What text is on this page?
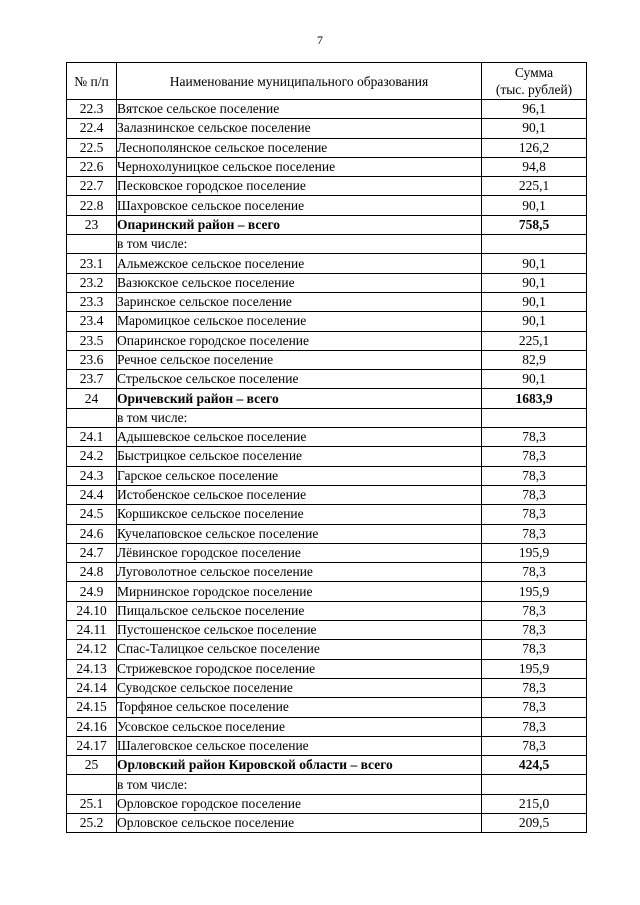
7
№ п/п	Наименование муниципального образования	Сумма
(тыс. рублей)

22.3	Вятское сельское поселение	96,1
22.4	Залазнинское сельское поселение	90,1
22.5	Леснополянское сельское поселение	126,2
22.6	Чернохолуницкое сельское поселение	94,8
22.7	Песковское городское поселение	225,1
22.8	Шахровское сельское поселение	90,1
23	Опаринский район – всего	758,5
	в том числе:	
23.1	Альмежское сельское поселение	90,1
23.2	Вазюкское сельское поселение	90,1
23.3	Заринское сельское поселение	90,1
23.4	Маромицкое сельское поселение	90,1
23.5	Опаринское городское поселение	225,1
23.6	Речное сельское поселение	82,9
23.7	Стрельское сельское поселение	90,1
24	Оричевский район – всего	1683,9
	в том числе:	
24.1	Адышевское сельское поселение	78,3
24.2	Быстрицкое сельское поселение	78,3
24.3	Гарское сельское поселение	78,3
24.4	Истобенское сельское поселение	78,3
24.5	Коршикское сельское поселение	78,3
24.6	Кучелаповское сельское поселение	78,3
24.7	Лёвинское городское поселение	195,9
24.8	Луговолотное сельское поселение	78,3
24.9	Мирнинское городское поселение	195,9
24.10	Пищальское сельское поселение	78,3
24.11	Пустошенское сельское поселение	78,3
24.12	Спас-Талицкое сельское поселение	78,3
24.13	Стрижевское городское поселение	195,9
24.14	Суводское сельское поселение	78,3
24.15	Торфяное сельское поселение	78,3
24.16	Усовское сельское поселение	78,3
24.17	Шалеговское сельское поселение	78,3
25	Орловский район Кировской области – всего	424,5
	в том числе:	
25.1	Орловское городское поселение	215,0
25.2	Орловское сельское поселение	209,5
